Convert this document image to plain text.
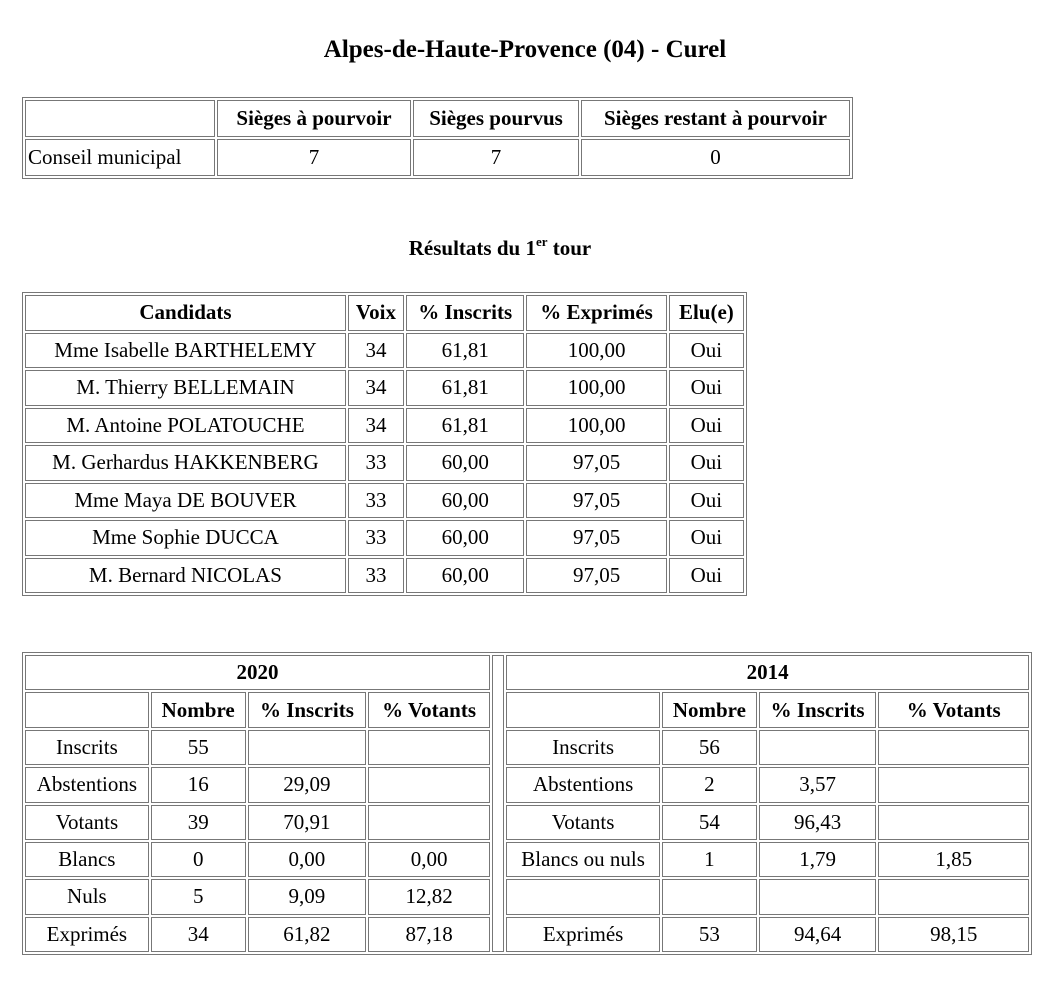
Alpes-de-Haute-Provence (04) - Curel
	Sièges à pourvoir	Sièges pourvus	Sièges restant à pourvoir
Conseil municipal	7	7	0
Résultats du 1er tour
Candidats	Voix	% Inscrits	% Exprimés	Elu(e)
Mme Isabelle BARTHELEMY	34	61,81	100,00	Oui
M. Thierry BELLEMAIN	34	61,81	100,00	Oui
M. Antoine POLATOUCHE	34	61,81	100,00	Oui
M. Gerhardus HAKKENBERG	33	60,00	97,05	Oui
Mme Maya DE BOUVER	33	60,00	97,05	Oui
Mme Sophie DUCCA	33	60,00	97,05	Oui
M. Bernard NICOLAS	33	60,00	97,05	Oui
2020					2014			
	Nombre	% Inscrits	% Votants			Nombre	% Inscrits	% Votants
Inscrits	55				Inscrits	56		
Abstentions	16	29,09			Abstentions	2	3,57	
Votants	39	70,91			Votants	54	96,43	
Blancs	0	0,00	0,00		Blancs ou nuls	1	1,79	1,85
Nuls	5	9,09	12,82					
Exprimés	34	61,82	87,18		Exprimés	53	94,64	98,15
